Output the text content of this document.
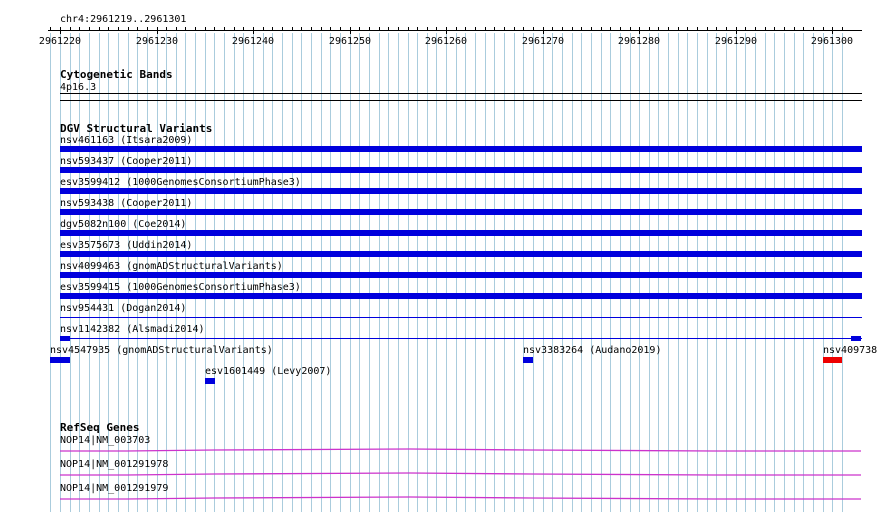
chr4:2961219..2961301
2961220	2961230	2961240	2961250	2961260	2961270	2961280	2961290	2961300
Cytogenetic Bands
4p16.3
DGV Structural Variants
nsv461163 (Itsara2009)
nsv593437 (Cooper2011)
esv3599412 (1000GenomesConsortiumPhase3)
nsv593438 (Cooper2011)
dgv5082n100 (Coe2014)
esv3575673 (Uddin2014)
nsv4099463 (gnomADStructuralVariants)
esv3599415 (1000GenomesConsortiumPhase3)
nsv954431 (Dogan2014)
nsv1142382 (Alsmadi2014)
nsv4547935 (gnomADStructuralVariants)	nsv3383264 (Audano2019)	nsv409738
esv1601449 (Levy2007)
RefSeq Genes
NOP14|NM_003703
NOP14|NM_001291978
NOP14|NM_001291979
